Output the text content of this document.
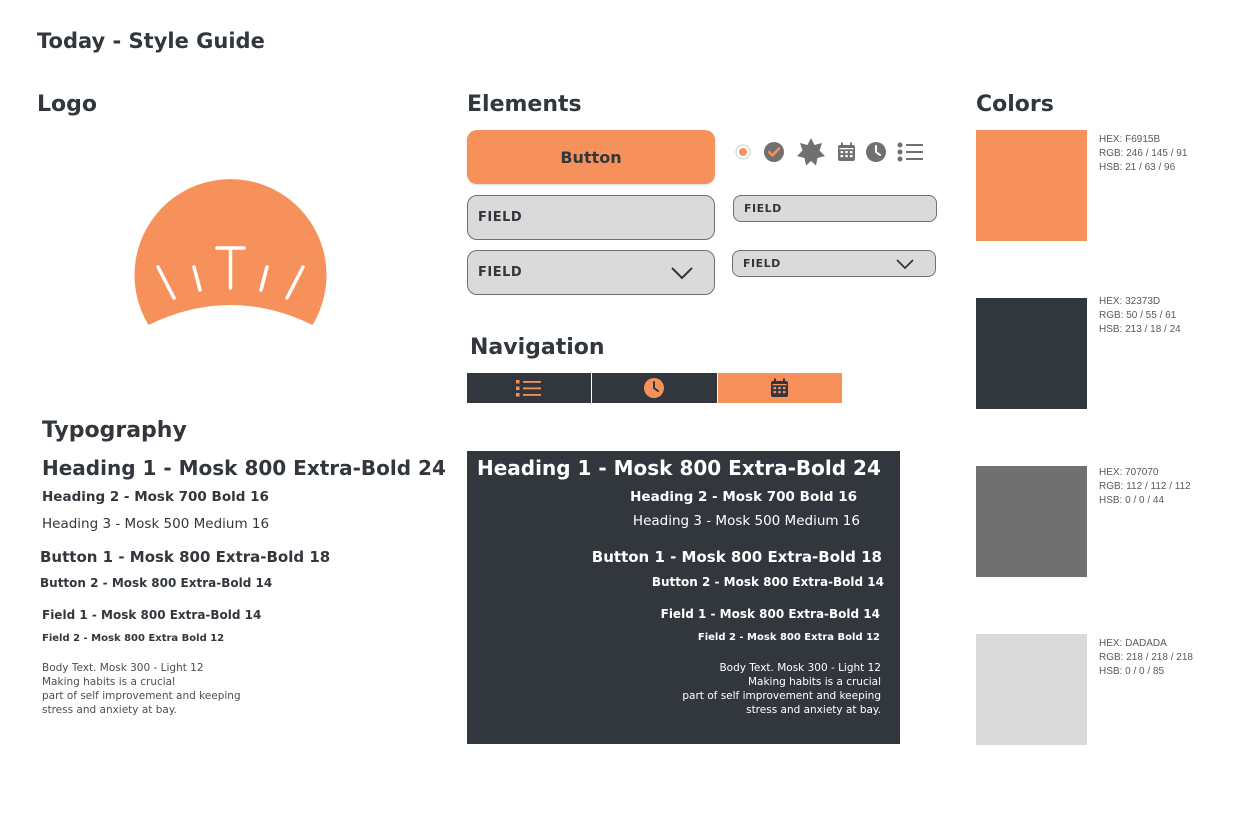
Today - Style Guide
Logo	Elements	Colors
Navigation
Typography
Button
FIELD
FIELD
FIELD
FIELD
Heading 1 - Mosk 800 Extra-Bold 24
Heading 2 - Mosk 700 Bold 16
Heading 3 - Mosk 500 Medium 16
Button 1 - Mosk 800 Extra-Bold 18
Button 2 - Mosk 800 Extra-Bold 14
Field 1 - Mosk 800 Extra-Bold 14
Field 2 - Mosk 800 Extra Bold 12
Body Text. Mosk 300 - Light 12
Making habits is a crucial
part of self improvement and keeping
stress and anxiety at bay.
Heading 1 - Mosk 800 Extra-Bold 24
Heading 2 - Mosk 700 Bold 16
Heading 3 - Mosk 500 Medium 16
Button 1 - Mosk 800 Extra-Bold 18
Button 2 - Mosk 800 Extra-Bold 14
Field 1 - Mosk 800 Extra-Bold 14
Field 2 - Mosk 800 Extra Bold 12
Body Text. Mosk 300 - Light 12
Making habits is a crucial
part of self improvement and keeping
stress and anxiety at bay.
HEX: F6915B
RGB: 246 / 145 / 91
HSB: 21 / 63 / 96
HEX: 32373D
RGB: 50 / 55 / 61
HSB: 213 / 18 / 24
HEX: 707070
RGB: 112 / 112 / 112
HSB: 0 / 0 / 44
HEX: DADADA
RGB: 218 / 218 / 218
HSB: 0 / 0 / 85
